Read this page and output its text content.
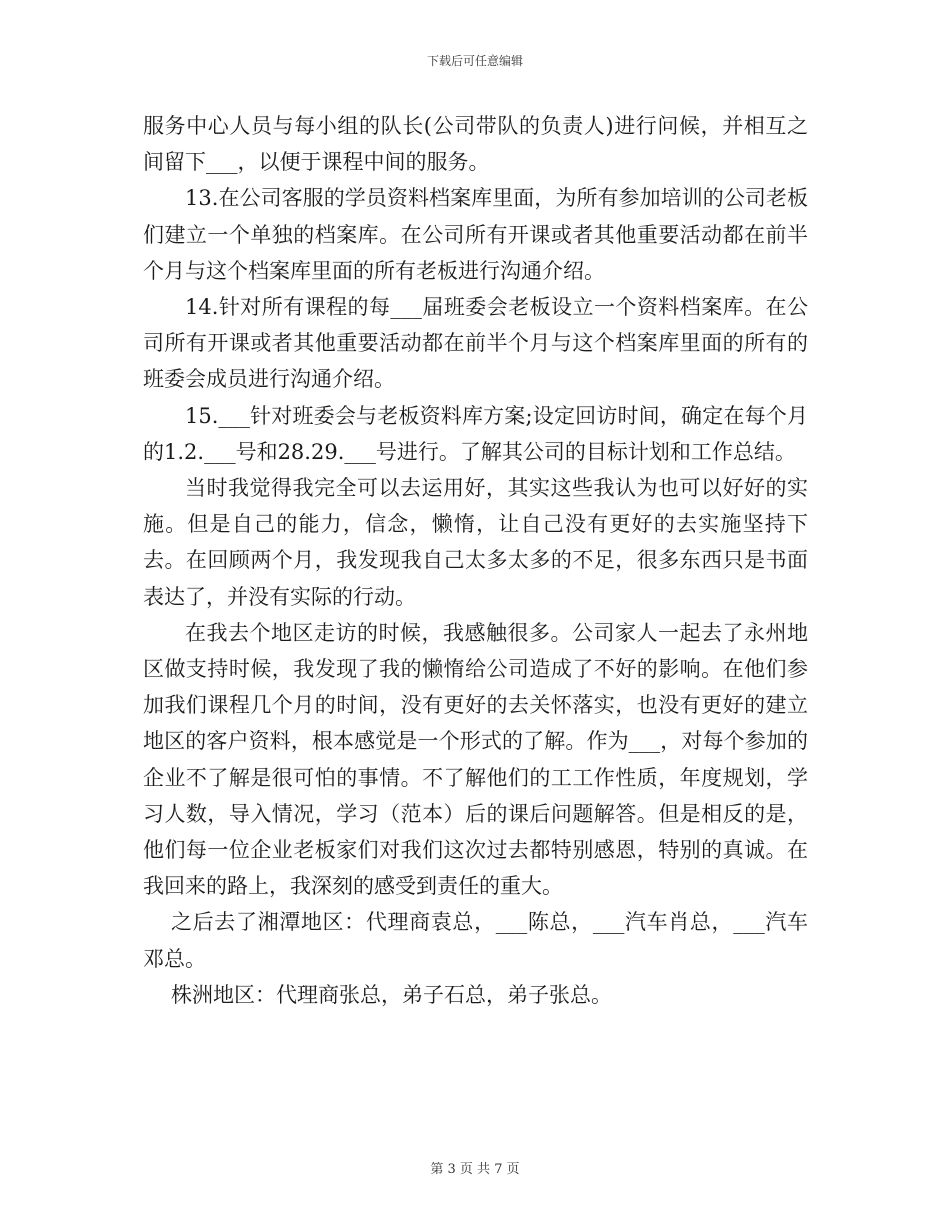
下载后可任意编辑

服务中心人员与每小组的队长(公司带队的负责人)进行问候，并相互之间留下___，以便于课程中间的服务。

13.在公司客服的学员资料档案库里面，为所有参加培训的公司老板们建立一个单独的档案库。在公司所有开课或者其他重要活动都在前半个月与这个档案库里面的所有老板进行沟通介绍。

14.针对所有课程的每___届班委会老板设立一个资料档案库。在公司所有开课或者其他重要活动都在前半个月与这个档案库里面的所有的班委会成员进行沟通介绍。

15.___针对班委会与老板资料库方案;设定回访时间，确定在每个月的1.2.___号和28.29.___号进行。了解其公司的目标计划和工作总结。

当时我觉得我完全可以去运用好，其实这些我认为也可以好好的实施。但是自己的能力，信念，懒惰，让自己没有更好的去实施坚持下去。在回顾两个月，我发现我自己太多太多的不足，很多东西只是书面表达了，并没有实际的行动。

在我去个地区走访的时候，我感触很多。公司家人一起去了永州地区做支持时候，我发现了我的懒惰给公司造成了不好的影响。在他们参加我们课程几个月的时间，没有更好的去关怀落实，也没有更好的建立地区的客户资料，根本感觉是一个形式的了解。作为___，对每个参加的企业不了解是很可怕的事情。不了解他们的工工作性质，年度规划，学习人数，导入情况，学习（范本）后的课后问题解答。但是相反的是，他们每一位企业老板家们对我们这次过去都特别感恩，特别的真诚。在我回来的路上，我深刻的感受到责任的重大。

之后去了湘潭地区：代理商袁总，___陈总，___汽车肖总，___汽车邓总。

株洲地区：代理商张总，弟子石总，弟子张总。

第 3 页 共 7 页
